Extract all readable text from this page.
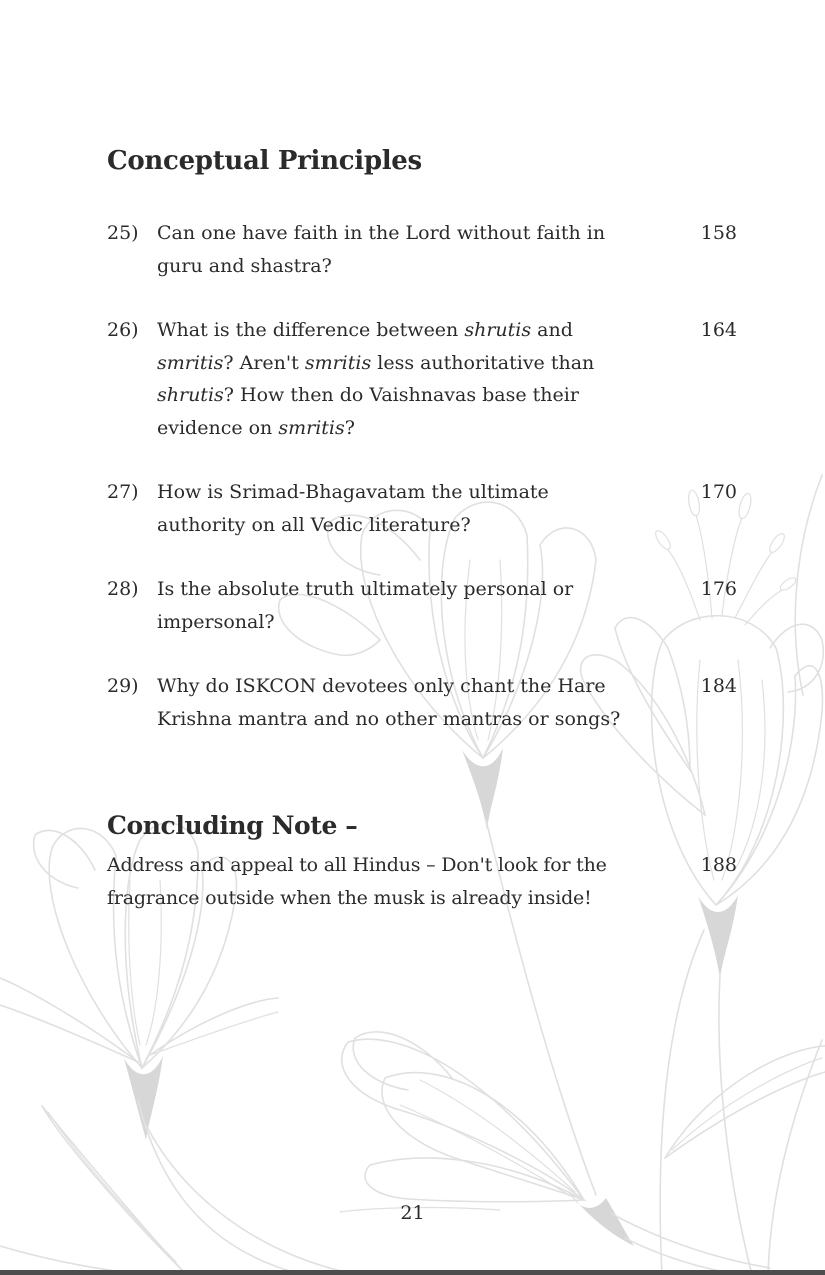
Conceptual Principles
25) Can one have faith in the Lord without faith in
guru and shastra?
158
26) What is the difference between shrutis and
smritis? Aren't smritis less authoritative than
shrutis? How then do Vaishnavas base their
evidence on smritis?
164
27) How is Srimad-Bhagavatam the ultimate
authority on all Vedic literature?
170
28) Is the absolute truth ultimately personal or
impersonal?
176
29) Why do ISKCON devotees only chant the Hare
Krishna mantra and no other mantras or songs?
184
Concluding Note –
Address and appeal to all Hindus – Don't look for the
fragrance outside when the musk is already inside!
188
21
